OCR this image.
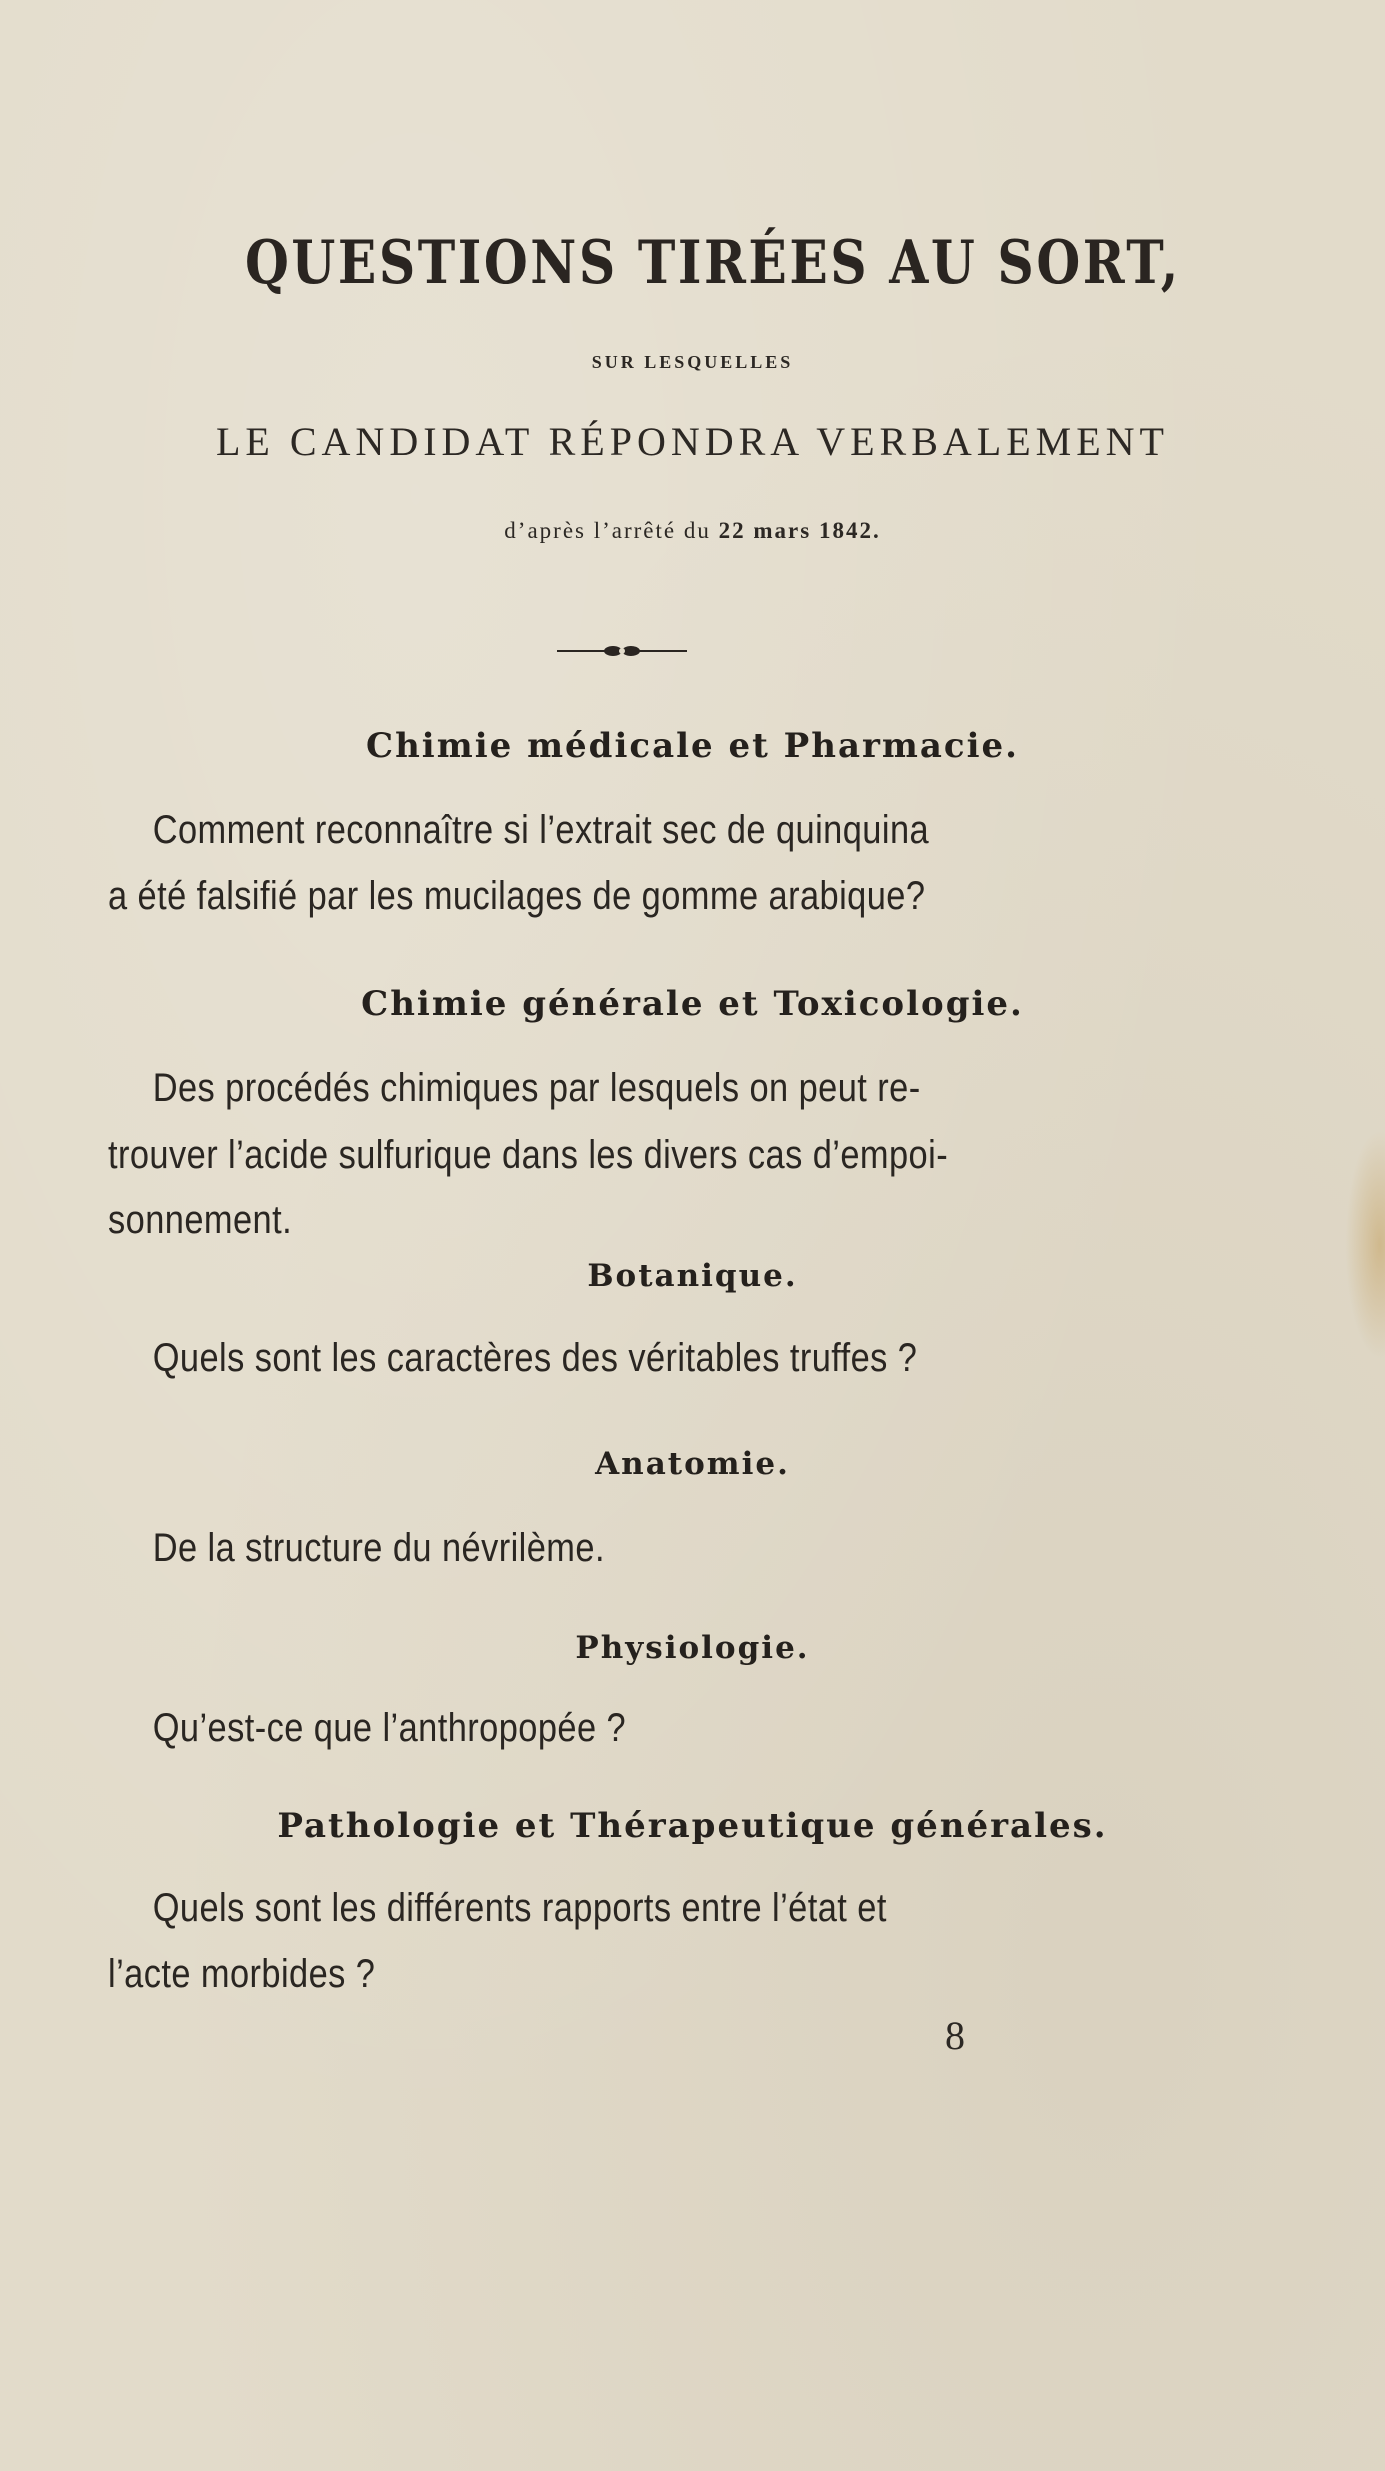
QUESTIONS TIRÉES AU SORT,
SUR LESQUELLES
LE CANDIDAT RÉPONDRA VERBALEMENT
d’après l’arrêté du 22 mars 1842.
Chimie médicale et Pharmacie.
Comment reconnaître si l’extrait sec de quinquina
a été falsifié par les mucilages de gomme arabique?
Chimie générale et Toxicologie.
Des procédés chimiques par lesquels on peut re-
trouver l’acide sulfurique dans les divers cas d’empoi-
sonnement.
Botanique.
Quels sont les caractères des véritables truffes ?
Anatomie.
De la structure du névrilème.
Physiologie.
Qu’est-ce que l’anthropopée ?
Pathologie et Thérapeutique générales.
Quels sont les différents rapports entre l’état et
l’acte morbides ?
8
